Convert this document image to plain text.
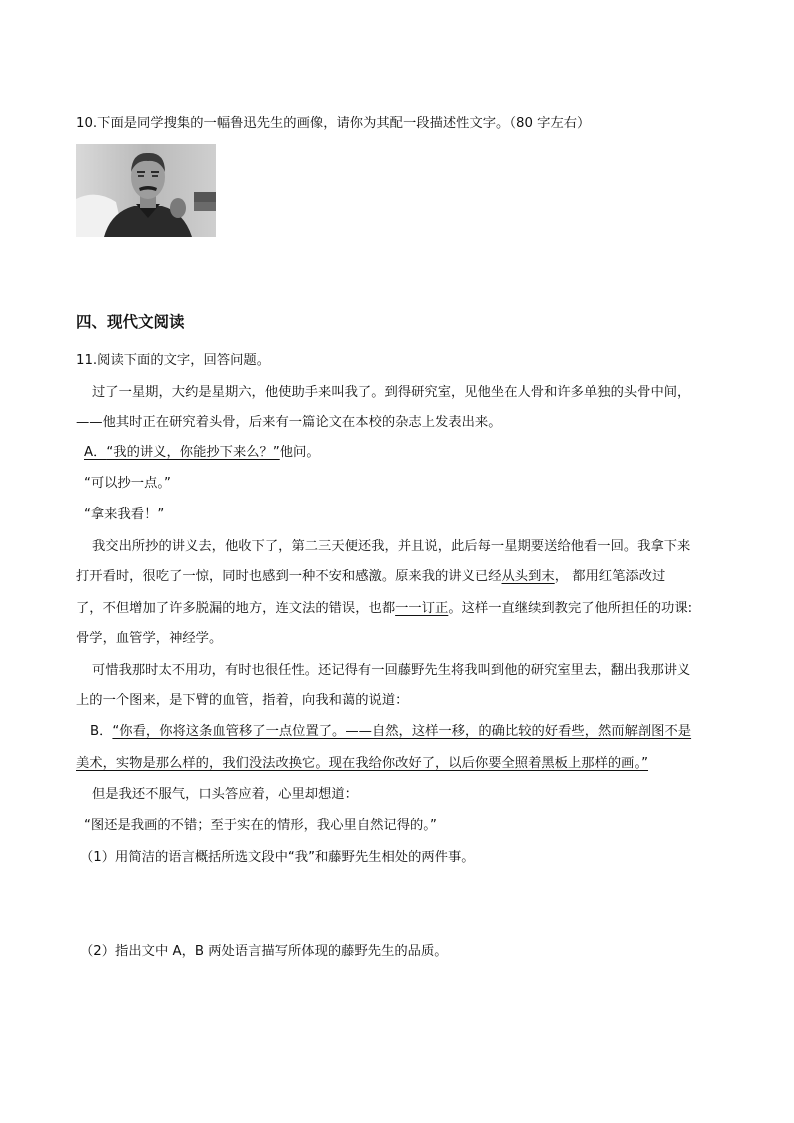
10.下面是同学搜集的一幅鲁迅先生的画像，请你为其配一段描述性文字。（80 字左右）
四、现代文阅读
11.阅读下面的文字，回答问题。
过了一星期，大约是星期六，他使助手来叫我了。到得研究室，见他坐在人骨和许多单独的头骨中间，
——他其时正在研究着头骨，后来有一篇论文在本校的杂志上发表出来。
A．“我的讲义，你能抄下来么？”他问。
“可以抄一点。”
“拿来我看！”
我交出所抄的讲义去，他收下了，第二三天便还我，并且说，此后每一星期要送给他看一回。我拿下来
打开看时，很吃了一惊，同时也感到一种不安和感激。原来我的讲义已经从头到末， 都用红笔添改过
了，不但增加了许多脱漏的地方，连文法的错误，也都一一订正。这样一直继续到教完了他所担任的功课:
骨学，血管学，神经学。
可惜我那时太不用功，有时也很任性。还记得有一回藤野先生将我叫到他的研究室里去，翻出我那讲义
上的一个图来，是下臂的血管，指着，向我和蔼的说道：
B．“你看，你将这条血管移了一点位置了。——自然，这样一移，的确比较的好看些，然而解剖图不是
美术，实物是那么样的，我们没法改换它。现在我给你改好了，以后你要全照着黑板上那样的画。”
但是我还不服气，口头答应着，心里却想道：
“图还是我画的不错；至于实在的情形，我心里自然记得的。”
（1）用简洁的语言概括所选文段中“我”和藤野先生相处的两件事。
（2）指出文中 A，B 两处语言描写所体现的藤野先生的品质。
